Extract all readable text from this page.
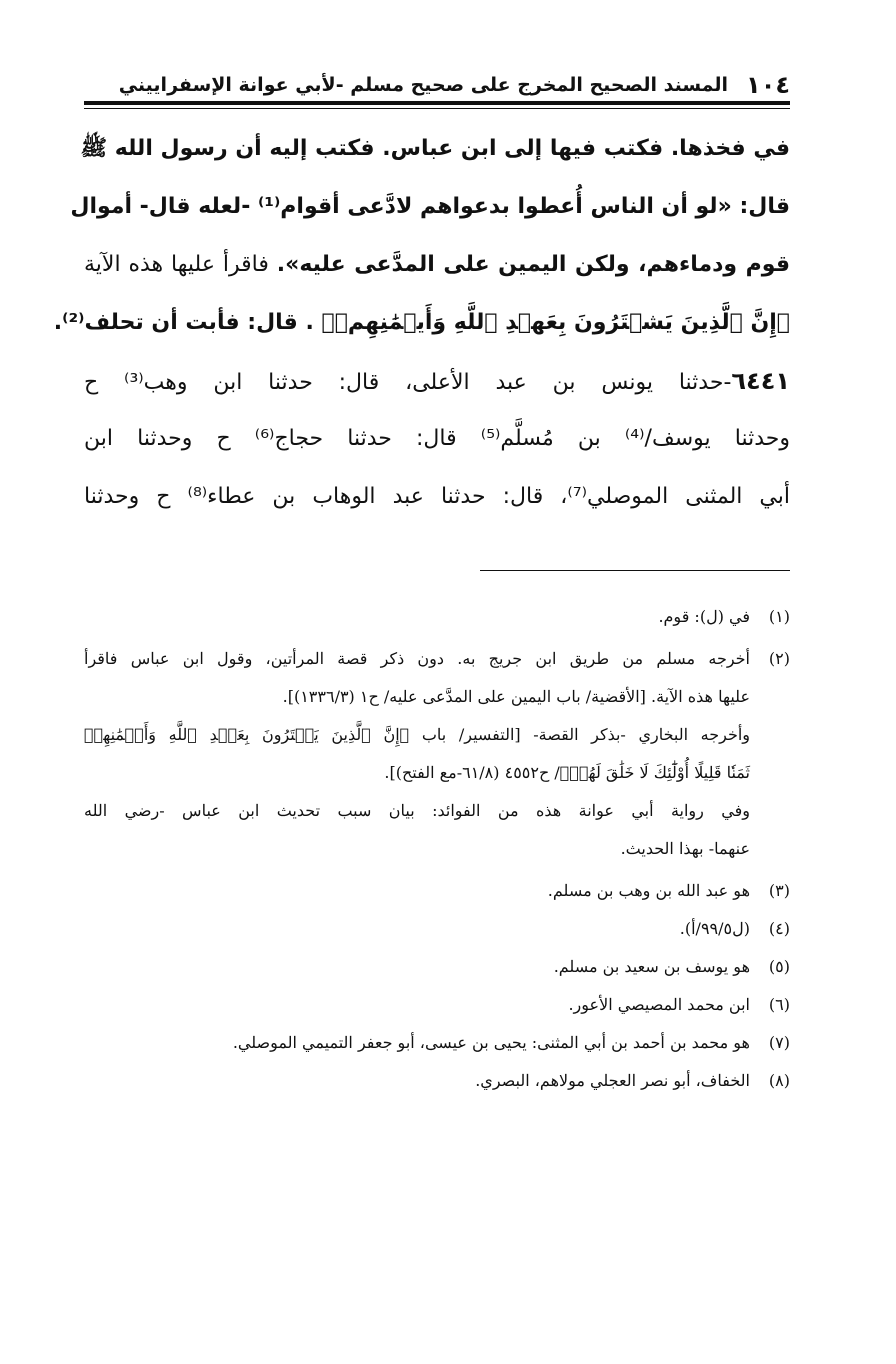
١٠٤
المسند الصحيح المخرج على صحيح مسلم -لأبي عوانة الإسفراييني
في فخذها. فكتب فيها إلى ابن عباس. فكتب إليه أن رسول الله ﷺ
قال: «لو أن الناس أُعطوا بدعواهم لادَّعى أقوام⁽¹⁾ -لعله قال- أموال
قوم ودماءهم، ولكن اليمين على المدَّعى عليه». فاقرأ عليها هذه الآية
﴿إِنَّ ٱلَّذِينَ يَشۡتَرُونَ بِعَهۡدِ ٱللَّهِ وَأَيۡمَٰنِهِمۡ﴾ . قال: فأبت أن تحلف⁽²⁾.
٦٤٤١-حدثنا يونس بن عبد الأعلى، قال: حدثنا ابن وهب⁽³⁾ ح
وحدثنا يوسف/⁽⁴⁾ بن مُسلَّم⁽⁵⁾ قال: حدثنا حجاج⁽⁶⁾ ح وحدثنا ابن
أبي المثنى الموصلي⁽⁷⁾، قال: حدثنا عبد الوهاب بن عطاء⁽⁸⁾ ح وحدثنا
(١)
في (ل): قوم.
(٢)
أخرجه مسلم من طريق ابن جريج به. دون ذكر قصة المرأتين، وقول ابن عباس فاقرأ
عليها هذه الآية. [الأقضية/ باب اليمين على المدَّعى عليه/ ح١ (١٣٣٦/٣)].
وأخرجه البخاري -بذكر القصة- [التفسير/ باب ﴿إِنَّ ٱلَّذِينَ يَشۡتَرُونَ بِعَهۡدِ ٱللَّهِ وَأَيۡمَٰنِهِمۡ
ثَمَنٗا قَلِيلًا أُوْلَٰٓئِكَ لَا خَلَٰقَ لَهُمۡ﴾/ ح٤٥٥٢ (٦١/٨-مع الفتح)].
وفي رواية أبي عوانة هذه من الفوائد: بيان سبب تحديث ابن عباس -رضي الله
عنهما- بهذا الحديث.
(٣)
هو عبد الله بن وهب بن مسلم.
(٤)
(ل٩٩/٥/أ).
(٥)
هو يوسف بن سعيد بن مسلم.
(٦)
ابن محمد المصيصي الأعور.
(٧)
هو محمد بن أحمد بن أبي المثنى: يحيى بن عيسى، أبو جعفر التميمي الموصلي.
(٨)
الخفاف، أبو نصر العجلي مولاهم، البصري.
